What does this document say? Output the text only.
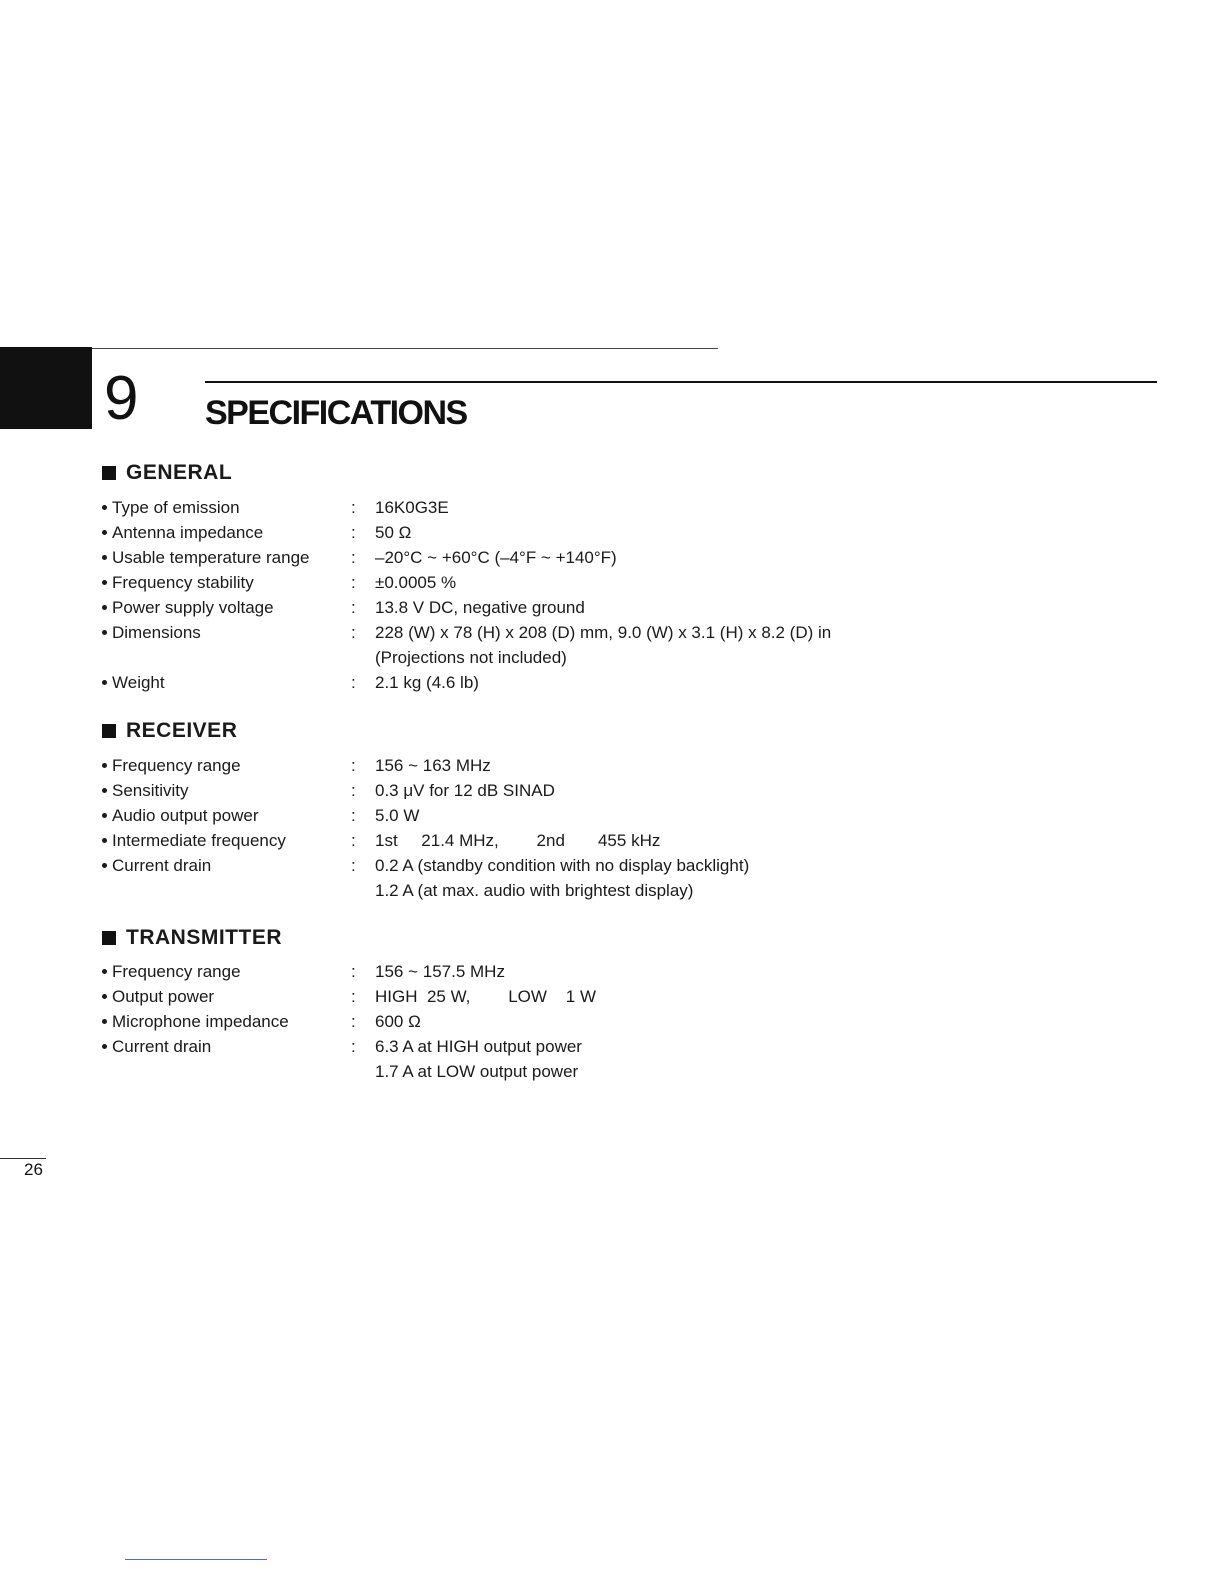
9 SPECIFICATIONS
GENERAL
Type of emission	: 16K0G3E
Antenna impedance	: 50 Ω
Usable temperature range : –20°C ~ +60°C (–4°F ~ +140°F)
Frequency stability	: ±0.0005 %
Power supply voltage	: 13.8 V DC, negative ground
Dimensions	: 228 (W) x 78 (H) x 208 (D) mm, 9.0 (W) x 3.1 (H) x 8.2 (D) in
(Projections not included)
Weight	: 2.1 kg (4.6 lb)
RECEIVER
Frequency range	: 156 ~ 163 MHz
Sensitivity	: 0.3 μV for 12 dB SINAD
Audio output power	: 5.0 W
Intermediate frequency	: 1st     21.4 MHz,        2nd       455 kHz
Current drain	: 0.2 A (standby condition with no display backlight)
1.2 A (at max. audio with brightest display)
TRANSMITTER
Frequency range	: 156 ~ 157.5 MHz
Output power	: HIGH  25 W,        LOW    1 W
Microphone impedance	: 600 Ω
Current drain	: 6.3 A at HIGH output power
1.7 A at LOW output power
26
